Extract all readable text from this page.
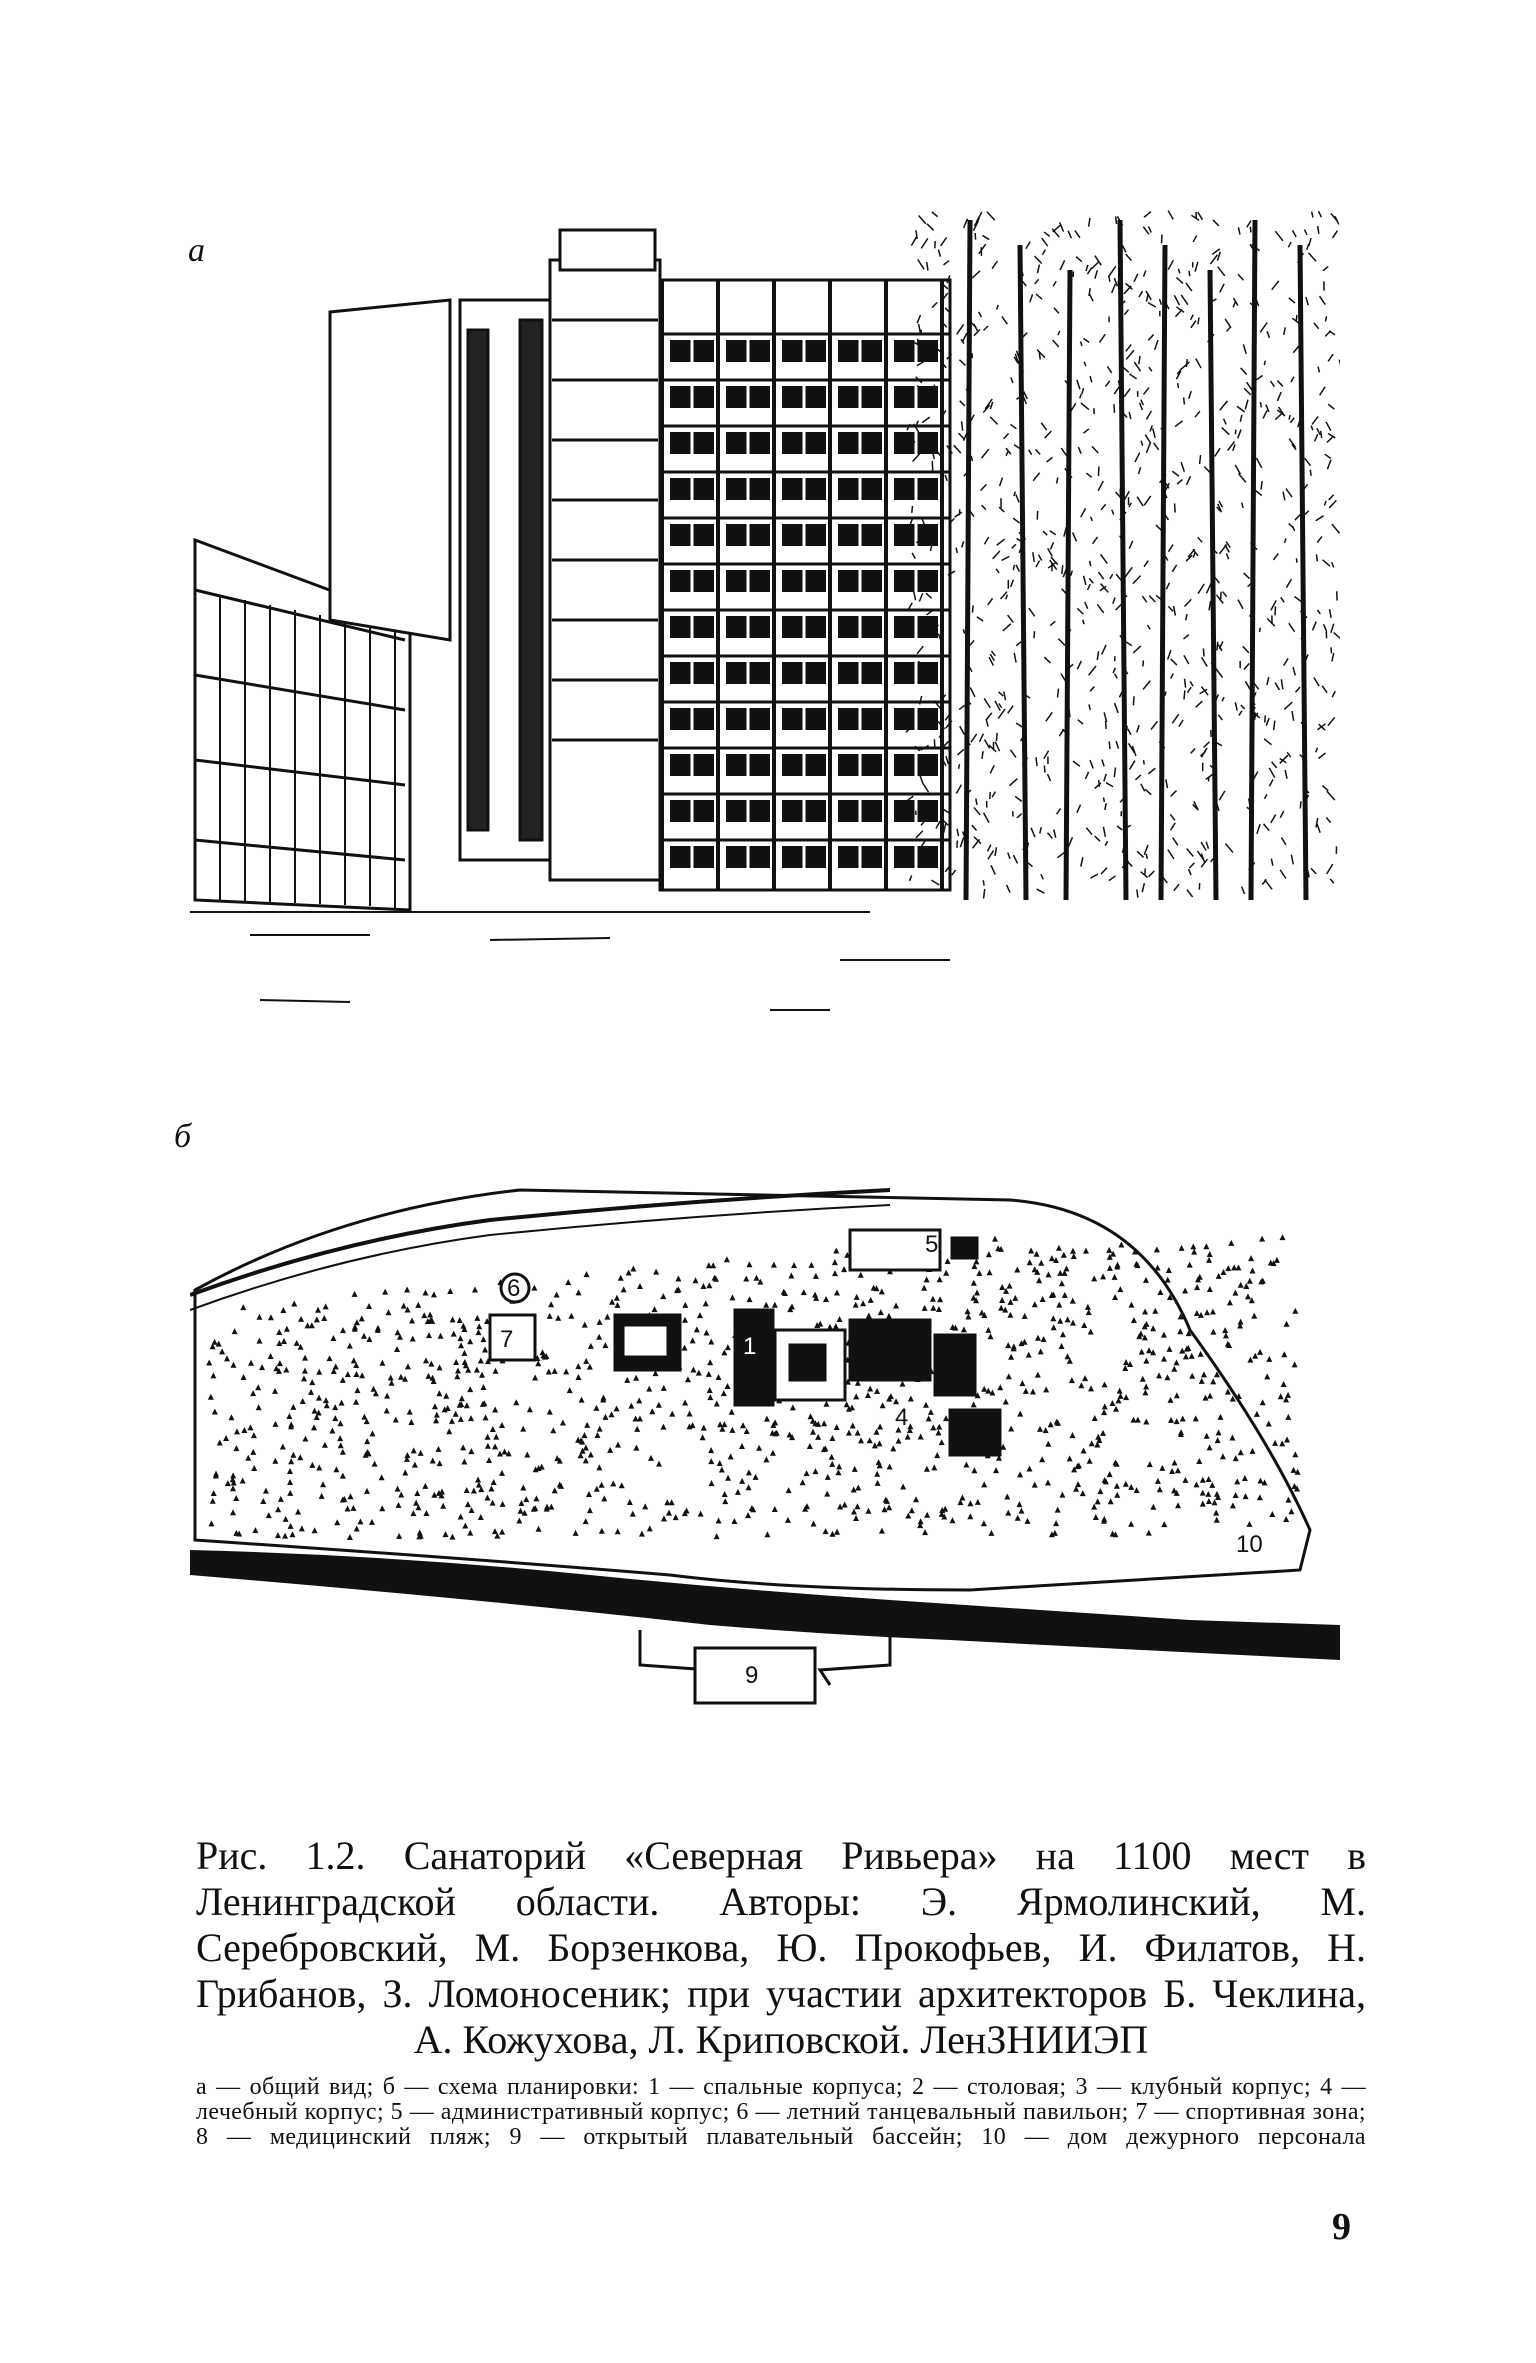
а
б
1
2
4
5
6
7
8
9
10
Рис. 1.2. Санаторий «Северная Ривьера» на 1100 мест в Ленинградской области. Авторы: Э. Ярмолинский, М. Серебровский, М. Борзенкова, Ю. Прокофьев, И. Филатов, Н. Грибанов, З. Ломоносеник; при участии архитекторов Б. Чеклина, А. Кожухова, Л. Криповской. ЛенЗНИИЭП
а — общий вид; б — схема планировки: 1 — спальные корпуса; 2 — столовая; 3 — клубный корпус; 4 — лечебный корпус; 5 — административный корпус; 6 — летний танцевальный павильон; 7 — спортивная зона; 8 — медицинский пляж; 9 — открытый плавательный бассейн; 10 — дом дежурного персонала
9
